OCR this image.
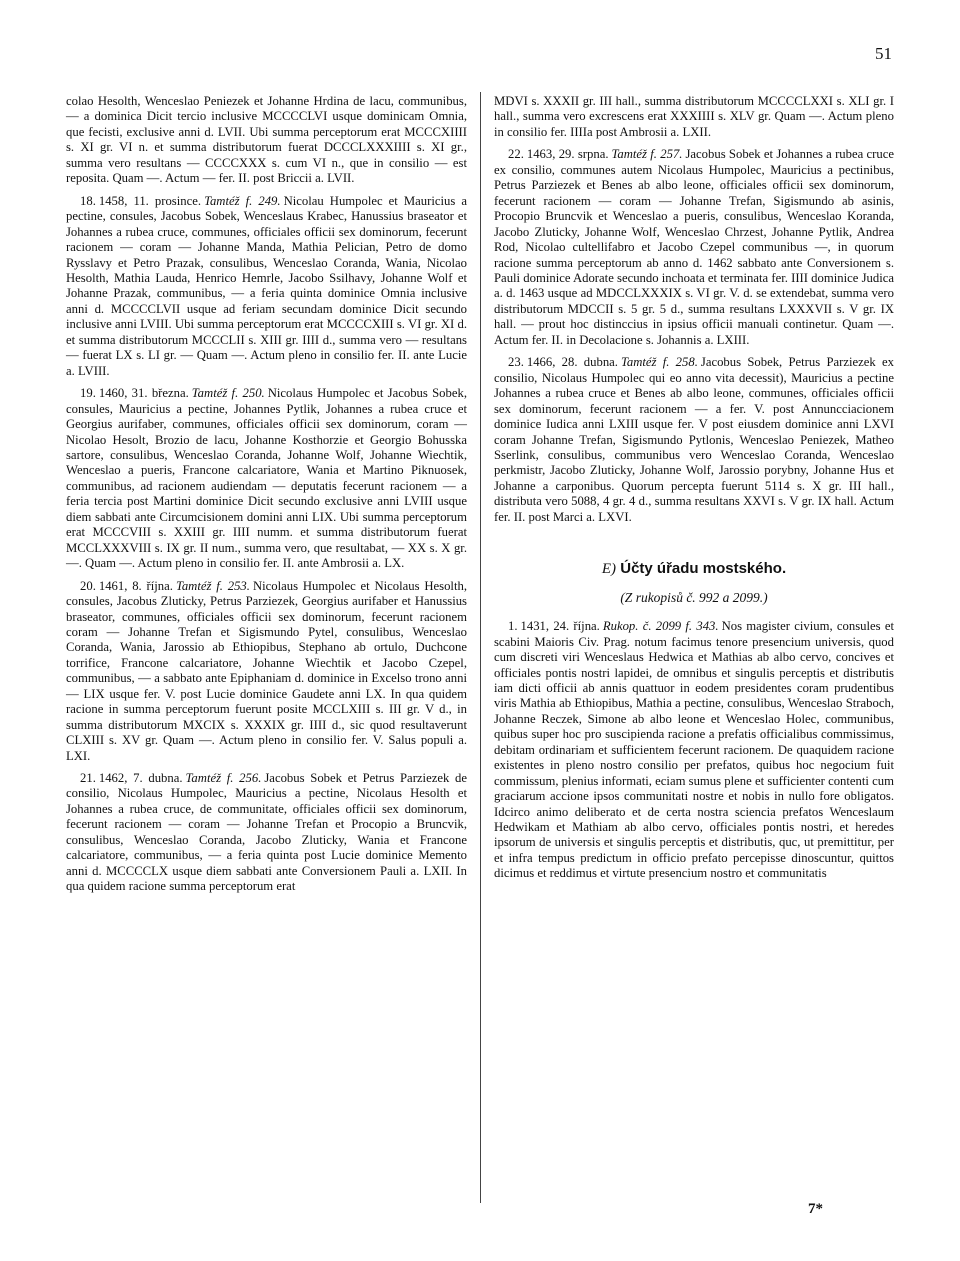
51

colao Hesolth, Wenceslao Peniezek et Johanne Hrdina de lacu, communibus, — a dominica Dicit tercio inclusive MCCCCLVI usque dominicam Omnia, que fecisti, exclusive anni d. LVII. Ubi summa perceptorum erat MCCCXIIII s. XI gr. VI n. et summa distributorum fuerat DCCCLXXXIIII s. XI gr., summa vero resultans — CCCCXXX s. cum VI n., que in consilio — est reposita. Quam —. Actum — fer. II. post Briccii a. LVII.

18. 1458, 11. prosince. Tamtéž f. 249. Nicolau Humpolec et Mauricius a pectine, consules, Jacobus Sobek, Wenceslaus Krabec, Hanussius braseator et Johannes a rubea cruce, communes, officiales officii sex dominorum, fecerunt racionem — coram — Johanne Manda, Mathia Pelician, Petro de domo Rysslavy et Petro Prazak, consulibus, Wenceslao Coranda, Wania, Nicolao Hesolth, Mathia Lauda, Henrico Hemrle, Jacobo Ssilhavy, Johanne Wolf et Johanne Prazak, communibus, — a feria quinta dominice Omnia inclusive anni d. MCCCCLVII usque ad feriam secundam dominice Dicit secundo inclusive anni LVIII. Ubi summa perceptorum erat MCCCCXIII s. VI gr. XI d. et summa distributorum MCCCLII s. XIII gr. IIII d., summa vero — resultans — fuerat LX s. LI gr. — Quam —. Actum pleno in consilio fer. II. ante Lucie a. LVIII.

19. 1460, 31. března. Tamtéž f. 250. Nicolaus Humpolec et Jacobus Sobek, consules, Mauricius a pectine, Johannes Pytlik, Johannes a rubea cruce et Georgius aurifaber, communes, officiales officii sex dominorum, coram — Nicolao Hesolt, Brozio de lacu, Johanne Kosthorzie et Georgio Bohusska sartore, consulibus, Wenceslao Coranda, Johanne Wolf, Johanne Wiechtik, Wenceslao a pueris, Francone calcariatore, Wania et Martino Piknuosek, communibus, ad racionem audiendam — deputatis fecerunt racionem — a feria tercia post Martini dominice Dicit secundo exclusive anni LVIII usque diem sabbati ante Circumcisionem domini anni LIX. Ubi summa perceptorum erat MCCCVIII s. XXIII gr. IIII numm. et summa distributorum fuerat MCCLXXXVIII s. IX gr. II num., summa vero, que resultabat, — XX s. X gr. —. Quam —. Actum pleno in consilio fer. II. ante Ambrosii a. LX.

20. 1461, 8. října. Tamtéž f. 253. Nicolaus Humpolec et Nicolaus Hesolth, consules, Jacobus Zluticky, Petrus Parziezek, Georgius aurifaber et Hanussius braseator, communes, officiales officii sex dominorum, fecerunt racionem coram — Johanne Trefan et Sigismundo Pytel, consulibus, Wenceslao Coranda, Wania, Jarossio ab Ethiopibus, Stephano ab ortulo, Duchcone torrifice, Francone calcariatore, Johanne Wiechtik et Jacobo Czepel, communibus, — a sabbato ante Epiphaniam d. dominice in Excelso trono anni — LIX usque fer. V. post Lucie dominice Gaudete anni LX. In qua quidem racione in summa perceptorum fuerunt posite MCCLXIII s. III gr. V d., in summa distributorum MXCIX s. XXXIX gr. IIII d., sic quod resultaverunt CLXIII s. XV gr. Quam —. Actum pleno in consilio fer. V. Salus populi a. LXI.

21. 1462, 7. dubna. Tamtéž f. 256. Jacobus Sobek et Petrus Parziezek de consilio, Nicolaus Humpolec, Mauricius a pectine, Nicolaus Hesolth et Johannes a rubea cruce, de communitate, officiales officii sex dominorum, fecerunt racionem — coram — Johanne Trefan et Procopio a Bruncvik, consulibus, Wenceslao Coranda, Jacobo Zluticky, Wania et Francone calcariatore, communibus, — a feria quinta post Lucie dominice Memento anni d. MCCCCLX usque diem sabbati ante Conversionem Pauli a. LXII. In qua quidem racione summa perceptorum erat

MDVI s. XXXII gr. III hall., summa distributorum MCCCCLXXI s. XLI gr. I hall., summa vero excrescens erat XXXIIII s. XLV gr. Quam —. Actum pleno in consilio fer. IIIIa post Ambrosii a. LXII.

22. 1463, 29. srpna. Tamtéž f. 257. Jacobus Sobek et Johannes a rubea cruce ex consilio, communes autem Nicolaus Humpolec, Mauricius a pectinibus, Petrus Parziezek et Benes ab albo leone, officiales officii sex dominorum, fecerunt racionem — coram — Johanne Trefan, Sigismundo ab asinis, Procopio Bruncvik et Wenceslao a pueris, consulibus, Wenceslao Koranda, Jacobo Zluticky, Johanne Wolf, Wenceslao Chrzest, Johanne Pytlik, Andrea Rod, Nicolao cultellifabro et Jacobo Czepel communibus —, in quorum racione summa perceptorum ab anno d. 1462 sabbato ante Conversionem s. Pauli dominice Adorate secundo inchoata et terminata fer. IIII dominice Judica a. d. 1463 usque ad MDCCLXXXIX s. VI gr. V. d. se extendebat, summa vero distributorum MDCCII s. 5 gr. 5 d., summa resultans LXXXVII s. V gr. IX hall. — prout hoc distinccius in ipsius officii manuali continetur. Quam —. Actum fer. II. in Decolacione s. Johannis a. LXIII.

23. 1466, 28. dubna. Tamtéž f. 258. Jacobus Sobek, Petrus Parziezek ex consilio, Nicolaus Humpolec qui eo anno vita decessit), Mauricius a pectine Johannes a rubea cruce et Benes ab albo leone, communes, officiales officii sex dominorum, fecerunt racionem — a fer. V. post Annuncciacionem dominice Iudica anni LXIII usque fer. V post eiusdem dominice anni LXVI coram Johanne Trefan, Sigismundo Pytlonis, Wenceslao Peniezek, Matheo Sserlink, consulibus, communibus vero Wenceslao Coranda, Wenceslao perkmistr, Jacobo Zluticky, Johanne Wolf, Jarossio porybny, Johanne Hus et Johanne a carponibus. Quorum percepta fuerunt 5114 s. X gr. III hall., distributa vero 5088, 4 gr. 4 d., summa resultans XXVI s. V gr. IX hall. Actum fer. II. post Marci a. LXVI.

E) Účty úřadu mostského.
(Z rukopisů č. 992 a 2099.)

1. 1431, 24. října. Rukop. č. 2099 f. 343. Nos magister civium, consules et scabini Maioris Civ. Prag. notum facimus tenore presencium universis, quod cum discreti viri Wenceslaus Hedwica et Mathias ab albo cervo, concives et officiales pontis nostri lapidei, de omnibus et singulis perceptis et distributis iam dicti officii ab annis quattuor in eodem presidentes coram prudentibus viris Mathia ab Ethiopibus, Mathia a pectine, consulibus, Wenceslao Straboch, Johanne Reczek, Simone ab albo leone et Wenceslao Holec, communibus, quibus super hoc pro suscipienda racione a prefatis officialibus commissimus, debitam ordinariam et sufficientem fecerunt racionem. De quaquidem racione existentes in pleno nostro consilio per prefatos, quibus hoc negocium fuit commissum, plenius informati, eciam sumus plene et sufficienter contenti cum graciarum accione ipsos communitati nostre et nobis in nullo fore obligatos. Idcirco animo deliberato et de certa nostra sciencia prefatos Wenceslaum Hedwikam et Mathiam ab albo cervo, officiales pontis nostri, et heredes ipsorum de universis et singulis perceptis et distributis, quc, ut premittitur, per et infra tempus predictum in officio prefato percepisse dinoscuntur, quittos dicimus et reddimus et virtute presencium nostro et communitatis

7*
